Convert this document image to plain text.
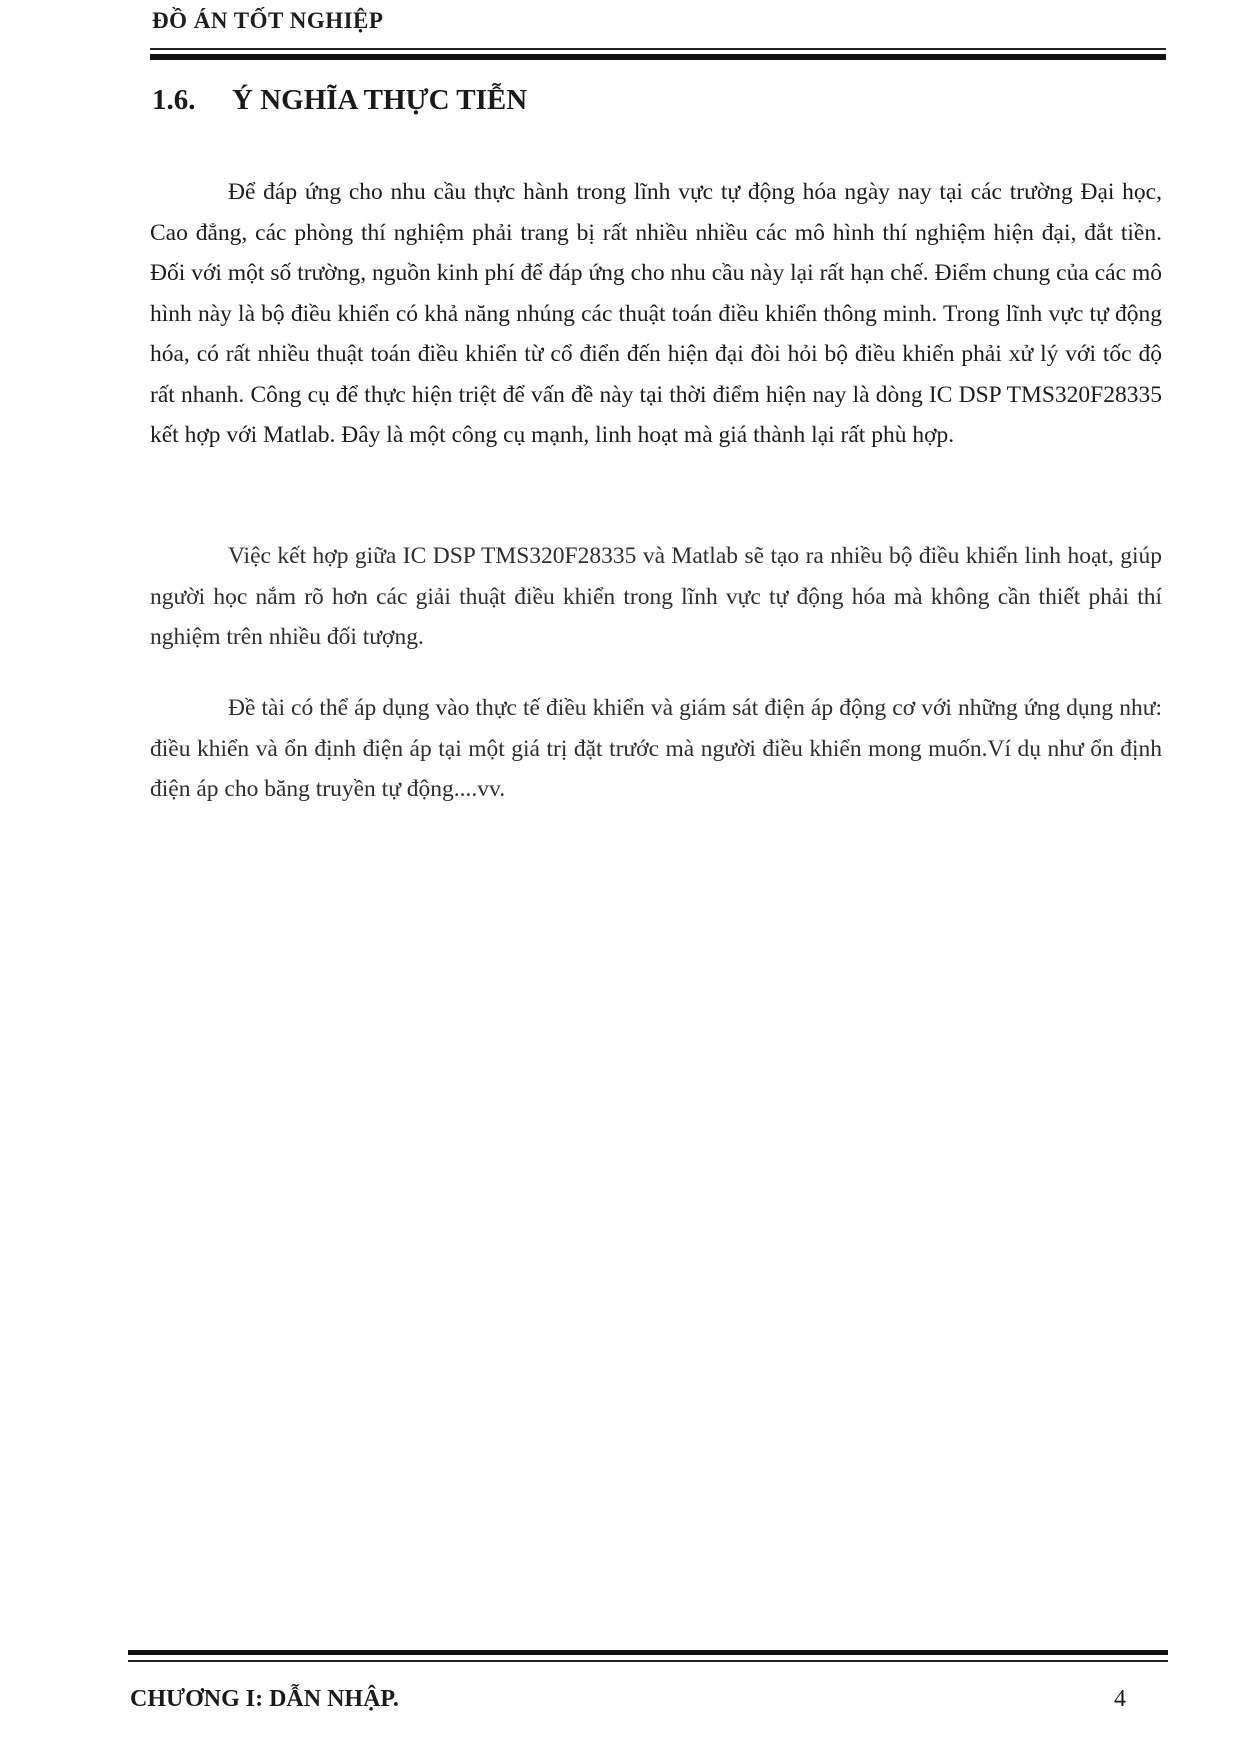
ĐỒ ÁN TỐT NGHIỆP
1.6. Ý NGHĨA THỰC TIỄN

Để đáp ứng cho nhu cầu thực hành trong lĩnh vực tự động hóa ngày nay tại các trường Đại học, Cao đẳng, các phòng thí nghiệm phải trang bị rất nhiều nhiều các mô hình thí nghiệm hiện đại, đắt tiền. Đối với một số trường, nguồn kinh phí để đáp ứng cho nhu cầu này lại rất hạn chế. Điểm chung của các mô hình này là bộ điều khiển có khả năng nhúng các thuật toán điều khiển thông minh. Trong lĩnh vực tự động hóa, có rất nhiều thuật toán điều khiển từ cổ điển đến hiện đại đòi hỏi bộ điều khiển phải xử lý với tốc độ rất nhanh. Công cụ để thực hiện triệt để vấn đề này tại thời điểm hiện nay là dòng IC DSP TMS320F28335 kết hợp với Matlab. Đây là một công cụ mạnh, linh hoạt mà giá thành lại rất phù hợp.

Việc kết hợp giữa IC DSP TMS320F28335 và Matlab sẽ tạo ra nhiều bộ điều khiển linh hoạt, giúp người học nắm rõ hơn các giải thuật điều khiển trong lĩnh vực tự động hóa mà không cần thiết phải thí nghiệm trên nhiều đối tượng.

Đề tài có thể áp dụng vào thực tế điều khiển và giám sát điện áp động cơ với những ứng dụng như: điều khiển và ổn định điện áp tại một giá trị đặt trước mà người điều khiển mong muốn.Ví dụ như ổn định điện áp cho băng truyền tự động....vv.

CHƯƠNG I: DẪN NHẬP.	4
